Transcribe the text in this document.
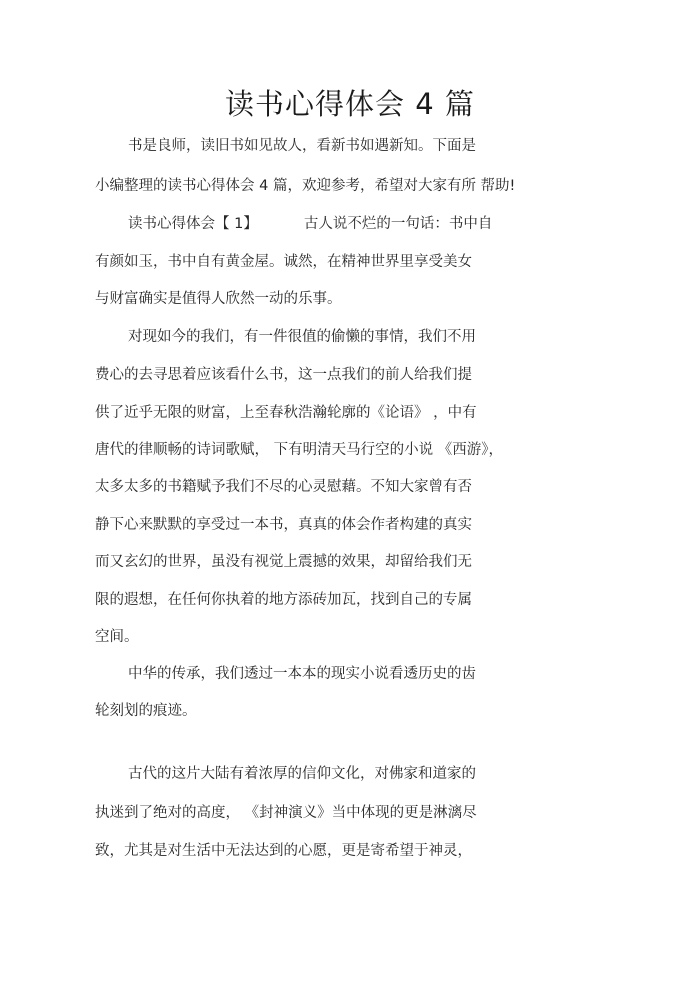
读书心得体会 4 篇

书是良师，读旧书如见故人，看新书如遇新知。下面是

小编整理的读书心得体会 4 篇，欢迎参考，希望对大家有所 帮助!

读书心得体会【 1】	古人说不烂的一句话：书中自

有颜如玉，书中自有黄金屋。诚然，在精神世界里享受美女

与财富确实是值得人欣然一动的乐事。

对现如今的我们，有一件很值的偷懒的事情，我们不用

费心的去寻思着应该看什么书，这一点我们的前人给我们提

供了近乎无限的财富，上至春秋浩瀚轮廓的《论语》 ，中有

唐代的律顺畅的诗词歌赋， 下有明清天马行空的小说 《西游》，

太多太多的书籍赋予我们不尽的心灵慰藉。不知大家曾有否

静下心来默默的享受过一本书，真真的体会作者构建的真实

而又玄幻的世界，虽没有视觉上震撼的效果，却留给我们无

限的遐想，在任何你执着的地方添砖加瓦，找到自己的专属

空间。

中华的传承，我们透过一本本的现实小说看透历史的齿

轮刻划的痕迹。

古代的这片大陆有着浓厚的信仰文化，对佛家和道家的

执迷到了绝对的高度， 《封神演义》当中体现的更是淋漓尽

致，尤其是对生活中无法达到的心愿，更是寄希望于神灵，
